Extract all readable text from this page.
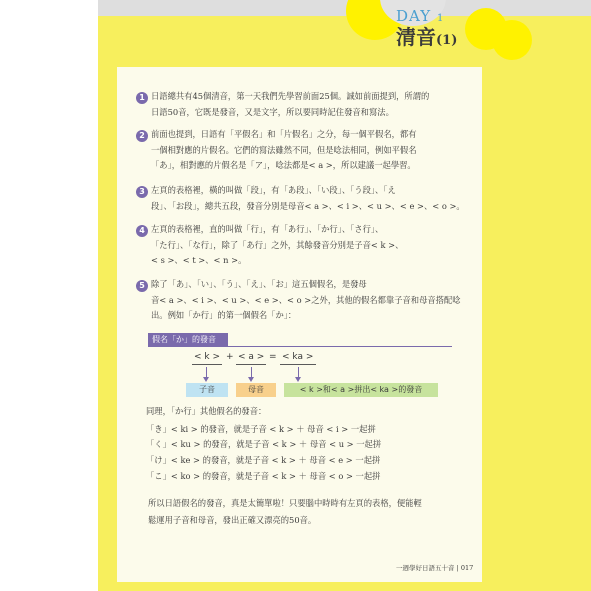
DAY 1
清音(1)
1 日語總共有45個清音，第一天我們先學習前面25個。誠如前面提到，所謂的
日語50音，它既是發音，又是文字，所以要同時記住發音和寫法。
2 前面也提到，日語有「平假名」和「片假名」之分，每一個平假名，都有
一個相對應的片假名。它們的寫法雖然不同，但是唸法相同，例如平假名
「あ」，相對應的片假名是「ア」，唸法都是< a >，所以建議一起學習。
3 左頁的表格裡，橫的叫做「段」，有「あ段」、「い段」、「う段」、「え
段」、「お段」，總共五段，發音分別是母音< a >、< i >、< u >、< e >、< o >。
4 左頁的表格裡，直的叫做「行」，有「あ行」、「か行」、「さ行」、
「た行」、「な行」，除了「あ行」之外，其餘發音分別是子音< k >、
< s >、< t >、< n >。
5 除了「あ」、「い」、「う」、「え」、「お」這五個假名，是發母
音< a >、< i >、< u >、< e >、< o >之外，其他的假名都靠子音和母音搭配唸
出。例如「か行」的第一個假名「か」：
假名「か」的發音
< k > + < a > = < ka >
子音	母音	< k >和< a >拼出< ka >的發音
同理，「か行」其他假名的發音：
「き」< ki > 的發音，就是子音 < k > ＋ 母音 < i > 一起拼
「く」< ku > 的發音，就是子音 < k > ＋ 母音 < u > 一起拼
「け」< ke > 的發音，就是子音 < k > ＋ 母音 < e > 一起拼
「こ」< ko > 的發音，就是子音 < k > ＋ 母音 < o > 一起拼
所以日語假名的發音，真是太簡單啦！只要腦中時時有左頁的表格，便能輕
鬆運用子音和母音，發出正確又漂亮的50音。
一週學好日語五十音 | 017
